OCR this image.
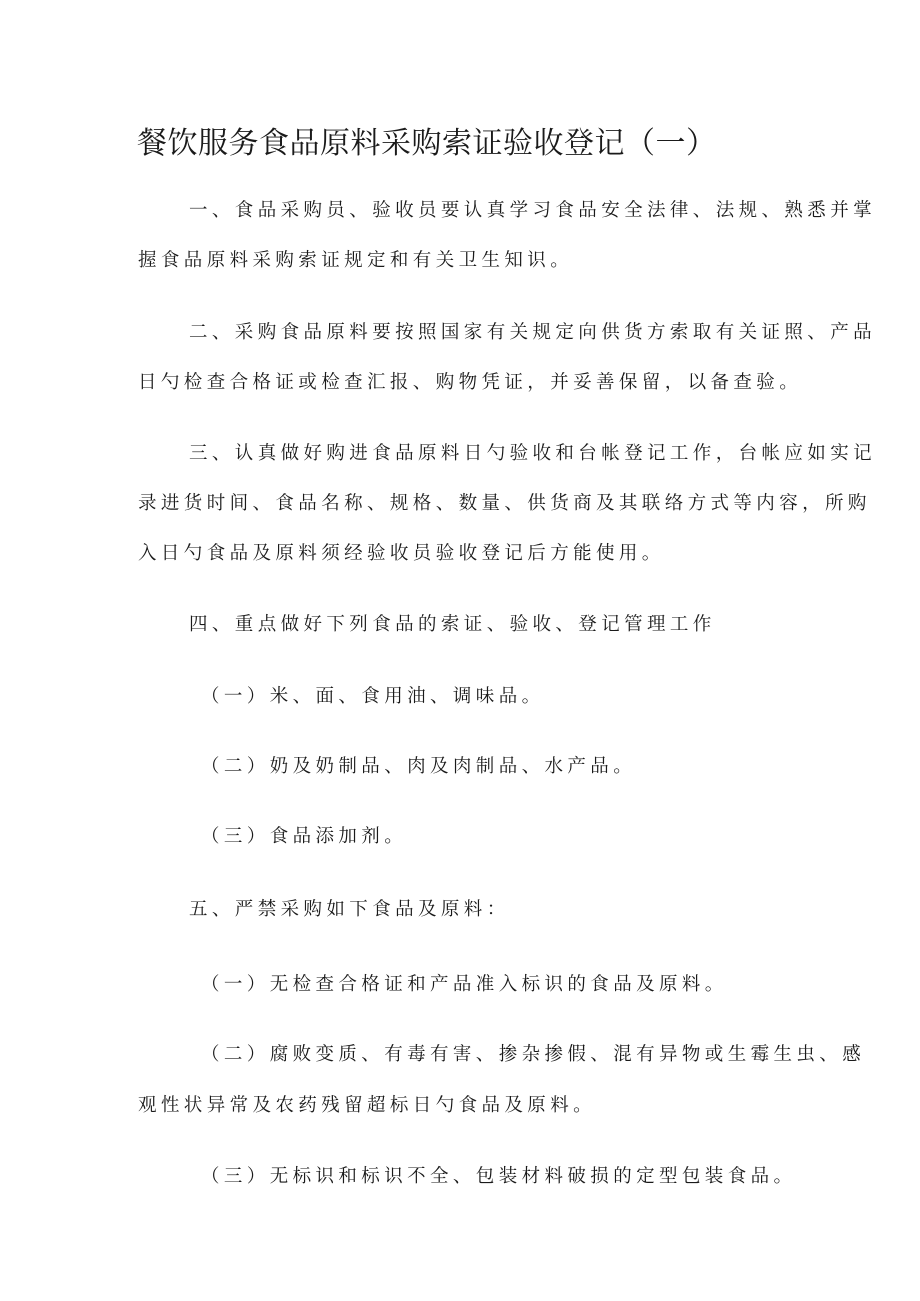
餐饮服务食品原料采购索证验收登记（一）

一、食品采购员、验收员要认真学习食品安全法律、法规、熟悉并掌

握食品原料采购索证规定和有关卫生知识。

二、采购食品原料要按照国家有关规定向供货方索取有关证照、产品

日勺检查合格证或检查汇报、购物凭证，并妥善保留，以备查验。

三、认真做好购进食品原料日勺验收和台帐登记工作，台帐应如实记

录进货时间、食品名称、规格、数量、供货商及其联络方式等内容，所购

入日勺食品及原料须经验收员验收登记后方能使用。

四、重点做好下列食品的索证、验收、登记管理工作

（一）米、面、食用油、调味品。

（二）奶及奶制品、肉及肉制品、水产品。

（三）食品添加剂。

五、严禁采购如下食品及原料：

（一）无检查合格证和产品准入标识的食品及原料。

（二）腐败变质、有毒有害、掺杂掺假、混有异物或生霉生虫、感

观性状异常及农药残留超标日勺食品及原料。

（三）无标识和标识不全、包装材料破损的定型包装食品。
